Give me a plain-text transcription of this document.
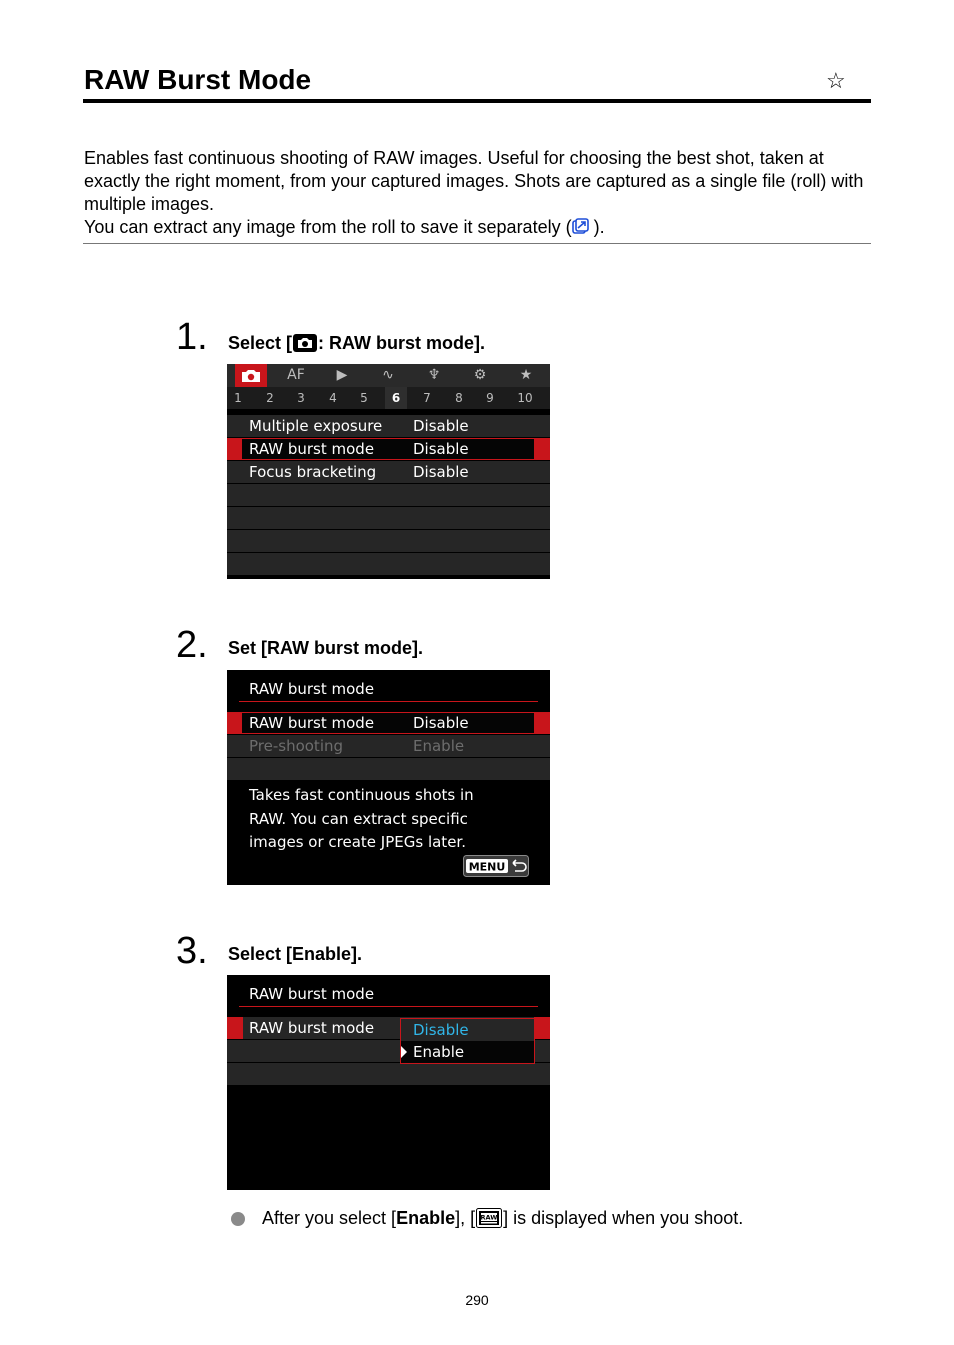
RAW Burst Mode	☆

Enables fast continuous shooting of RAW images. Useful for choosing the best shot, taken at exactly the right moment, from your captured images. Shots are captured as a single file (roll) with multiple images.

You can extract any image from the roll to save it separately ( ).

1. Select [ : RAW burst mode].
AF	▶	∿	♆	⚙	★
1	2	3	4	5	6	7	8	9	10
Multiple exposure Disable
RAW burst mode	Disable
Focus bracketing Disable
2. Set [RAW burst mode].
RAW burst mode
RAW burst mode	Disable
Pre-shooting	Enable
Takes fast continuous shots in
RAW. You can extract specific
images or create JPEGs later.
MENU
3. Select [Enable].
RAW burst mode
RAW burst mode	Disable
Enable
After you select [Enable], [ RAW ] is displayed when you shoot.
290
